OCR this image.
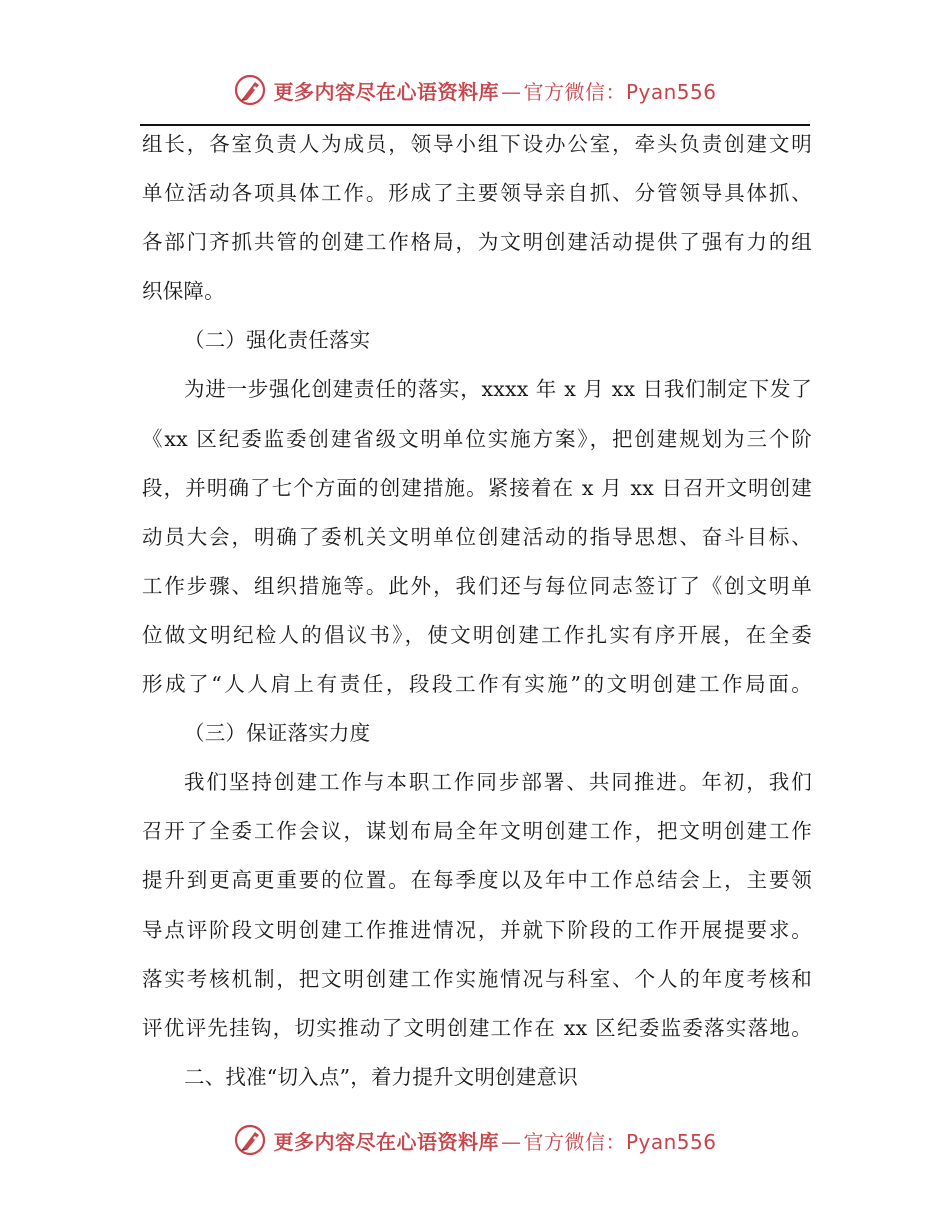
更多内容尽在心语资料库 — 官方微信：Pyan556
组长，各室负责人为成员，领导小组下设办公室，牵头负责创建文明
单位活动各项具体工作。形成了主要领导亲自抓、分管领导具体抓、
各部门齐抓共管的创建工作格局，为文明创建活动提供了强有力的组
织保障。
（二）强化责任落实
为进一步强化创建责任的落实，xxxx 年 x 月 xx 日我们制定下发了
《xx 区纪委监委创建省级文明单位实施方案》，把创建规划为三个阶
段，并明确了七个方面的创建措施。紧接着在 x 月 xx 日召开文明创建
动员大会，明确了委机关文明单位创建活动的指导思想、奋斗目标、
工作步骤、组织措施等。此外，我们还与每位同志签订了《创文明单
位做文明纪检人的倡议书》，使文明创建工作扎实有序开展，在全委
形成了“人人肩上有责任，段段工作有实施”的文明创建工作局面。
（三）保证落实力度
我们坚持创建工作与本职工作同步部署、共同推进。年初，我们
召开了全委工作会议，谋划布局全年文明创建工作，把文明创建工作
提升到更高更重要的位置。在每季度以及年中工作总结会上，主要领
导点评阶段文明创建工作推进情况，并就下阶段的工作开展提要求。
落实考核机制，把文明创建工作实施情况与科室、个人的年度考核和
评优评先挂钩，切实推动了文明创建工作在 xx 区纪委监委落实落地。
二、找准“切入点”，着力提升文明创建意识
更多内容尽在心语资料库 — 官方微信：Pyan556
